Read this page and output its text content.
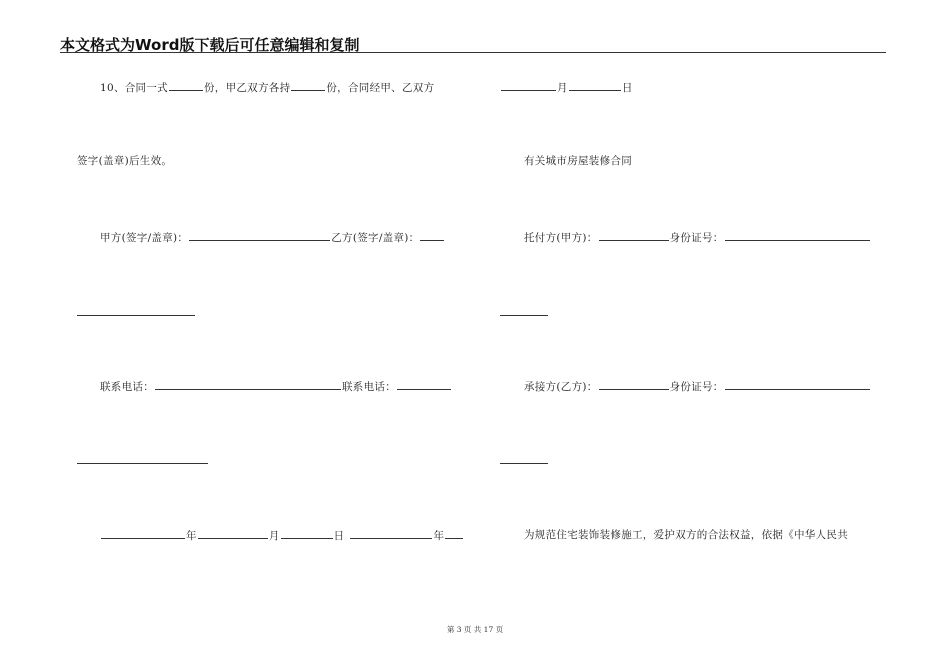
本文格式为Word版下载后可任意编辑和复制
10、合同一式	份，甲乙双方各持	份，合同经甲、乙双方
签字(盖章)后生效。
甲方(签字/盖章)：	乙方(签字/盖章)：
联系电话：	联系电话：
年	月	日	年
月	日
有关城市房屋装修合同
托付方(甲方)：	身份证号：
承接方(乙方)：	身份证号：
为规范住宅装饰装修施工，爱护双方的合法权益，依据《中华人民共
第 3 页 共 17 页
